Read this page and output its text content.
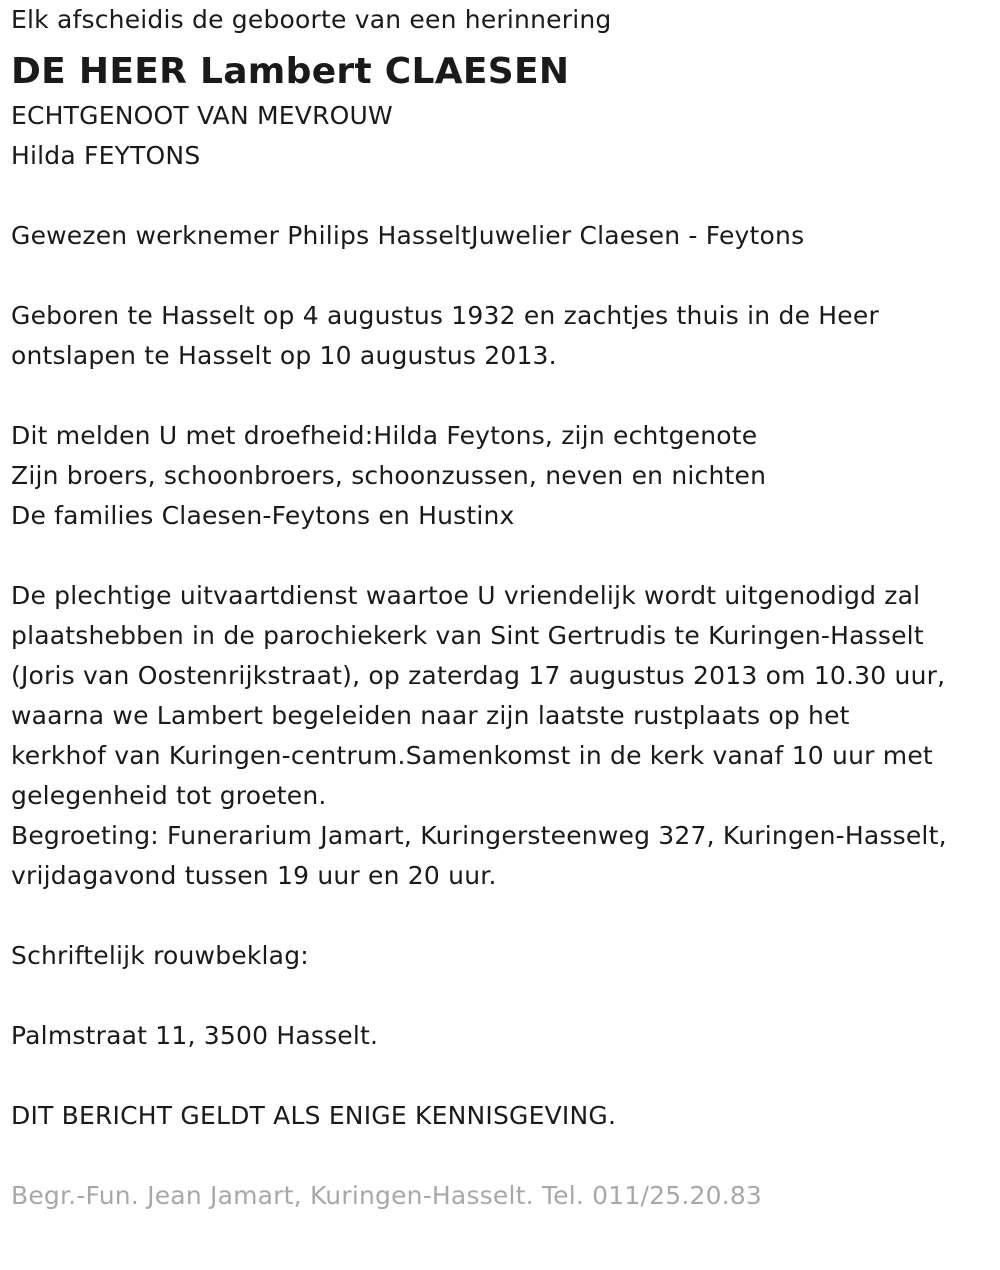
Elk afscheidis de geboorte van een herinnering
DE HEER Lambert CLAESEN
ECHTGENOOT VAN MEVROUW
Hilda FEYTONS
Gewezen werknemer Philips HasseltJuwelier Claesen - Feytons
Geboren te Hasselt op 4 augustus 1932 en zachtjes thuis in de Heer
ontslapen te Hasselt op 10 augustus 2013.
Dit melden U met droefheid:Hilda Feytons, zijn echtgenote
Zijn broers, schoonbroers, schoonzussen, neven en nichten
De families Claesen-Feytons en Hustinx
De plechtige uitvaartdienst waartoe U vriendelijk wordt uitgenodigd zal
plaatshebben in de parochiekerk van Sint Gertrudis te Kuringen-Hasselt
(Joris van Oostenrijkstraat), op zaterdag 17 augustus 2013 om 10.30 uur,
waarna we Lambert begeleiden naar zijn laatste rustplaats op het
kerkhof van Kuringen-centrum.Samenkomst in de kerk vanaf 10 uur met
gelegenheid tot groeten.
Begroeting: Funerarium Jamart, Kuringersteenweg 327, Kuringen-Hasselt,
vrijdagavond tussen 19 uur en 20 uur.
Schriftelijk rouwbeklag:
Palmstraat 11, 3500 Hasselt.
DIT BERICHT GELDT ALS ENIGE KENNISGEVING.
Begr.-Fun. Jean Jamart, Kuringen-Hasselt. Tel. 011/25.20.83
